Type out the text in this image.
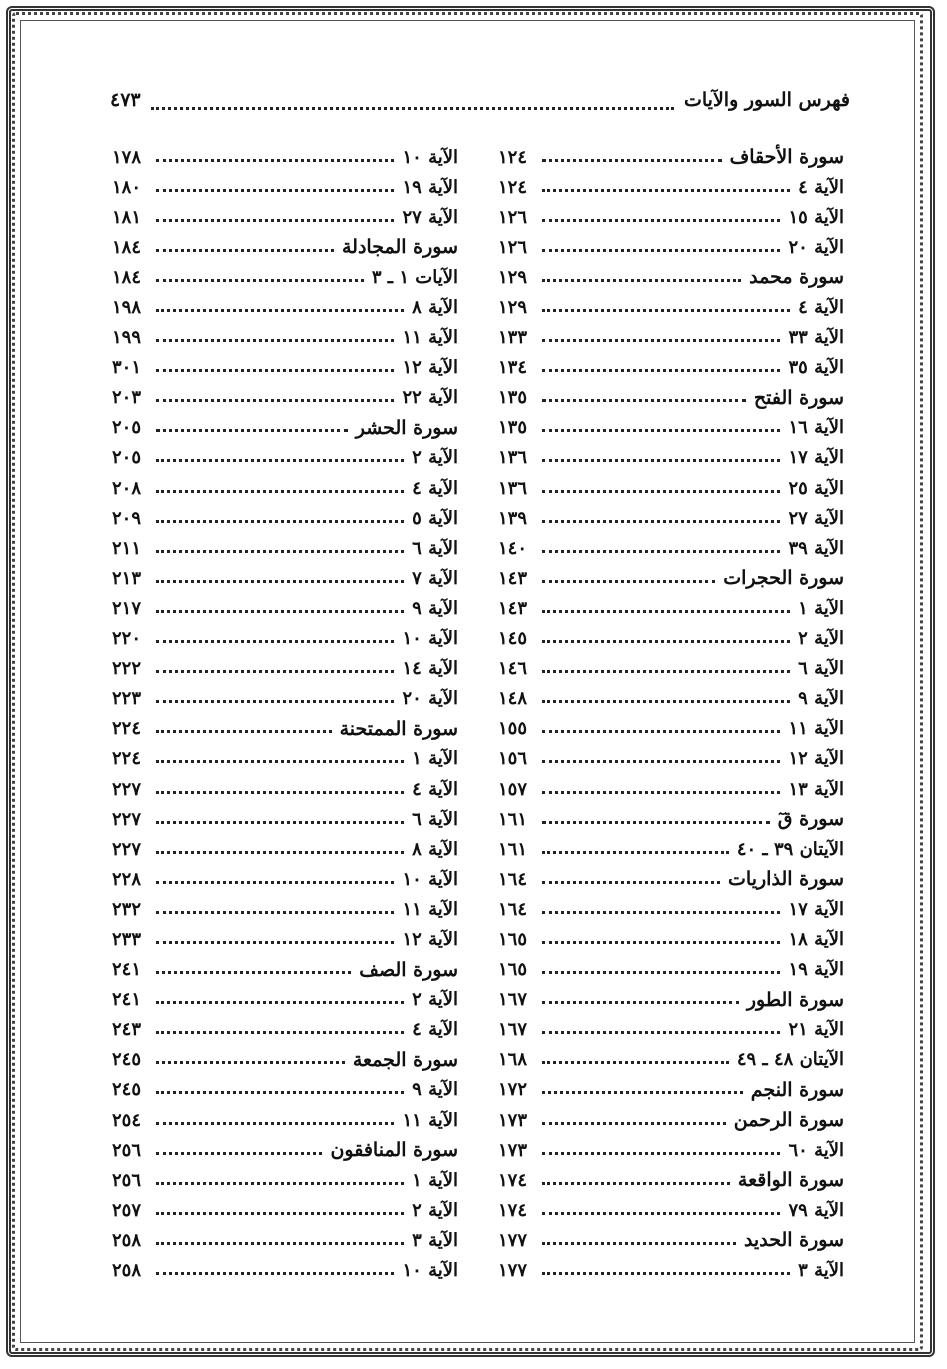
فهرس السور والآيات
٤٧٣
سورة الأحقاف
١٢٤
الآية ٤
١٢٤
الآية ١٥
١٢٦
الآية ٢٠
١٢٦
سورة محمد
١٢٩
الآية ٤
١٢٩
الآية ٣٣
١٣٣
الآية ٣٥
١٣٤
سورة الفتح
١٣٥
الآية ١٦
١٣٥
الآية ١٧
١٣٦
الآية ٢٥
١٣٦
الآية ٢٧
١٣٩
الآية ٣٩
١٤٠
سورة الحجرات
١٤٣
الآية ١
١٤٣
الآية ٢
١٤٥
الآية ٦
١٤٦
الآية ٩
١٤٨
الآية ١١
١٥٥
الآية ١٢
١٥٦
الآية ١٣
١٥٧
سورة قٓ
١٦١
الآيتان ٣٩ ـ ٤٠
١٦١
سورة الذاريات
١٦٤
الآية ١٧
١٦٤
الآية ١٨
١٦٥
الآية ١٩
١٦٥
سورة الطور
١٦٧
الآية ٢١
١٦٧
الآيتان ٤٨ ـ ٤٩
١٦٨
سورة النجم
١٧٢
سورة الرحمن
١٧٣
الآية ٦٠
١٧٣
سورة الواقعة
١٧٤
الآية ٧٩
١٧٤
سورة الحديد
١٧٧
الآية ٣
١٧٧
الآية ١٠
١٧٨
الآية ١٩
١٨٠
الآية ٢٧
١٨١
سورة المجادلة
١٨٤
الآيات ١ ـ ٣
١٨٤
الآية ٨
١٩٨
الآية ١١
١٩٩
الآية ١٢
٣٠١
الآية ٢٢
٢٠٣
سورة الحشر
٢٠٥
الآية ٢
٢٠٥
الآية ٤
٢٠٨
الآية ٥
٢٠٩
الآية ٦
٢١١
الآية ٧
٢١٣
الآية ٩
٢١٧
الآية ١٠
٢٢٠
الآية ١٤
٢٢٢
الآية ٢٠
٢٢٣
سورة الممتحنة
٢٢٤
الآية ١
٢٢٤
الآية ٤
٢٢٧
الآية ٦
٢٢٧
الآية ٨
٢٢٧
الآية ١٠
٢٢٨
الآية ١١
٢٣٢
الآية ١٢
٢٣٣
سورة الصف
٢٤١
الآية ٢
٢٤١
الآية ٤
٢٤٣
سورة الجمعة
٢٤٥
الآية ٩
٢٤٥
الآية ١١
٢٥٤
سورة المنافقون
٢٥٦
الآية ١
٢٥٦
الآية ٢
٢٥٧
الآية ٣
٢٥٨
الآية ١٠
٢٥٨
